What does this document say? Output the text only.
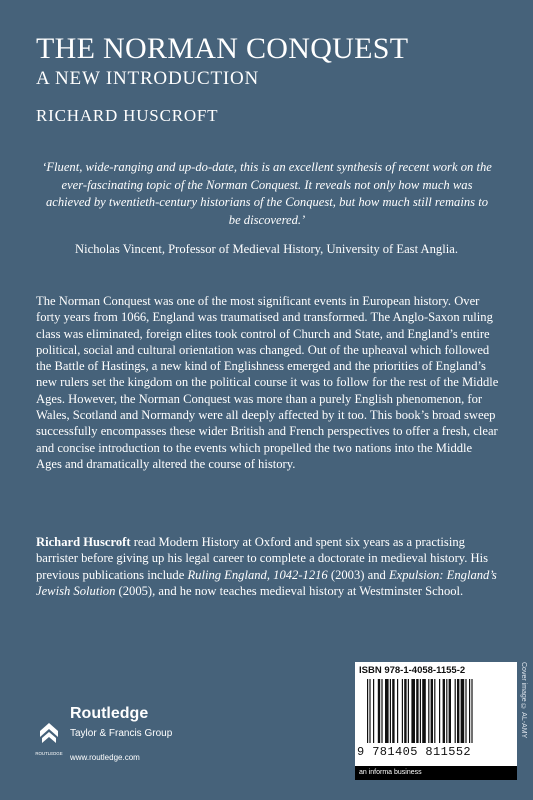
THE NORMAN CONQUEST
A NEW INTRODUCTION
RICHARD HUSCROFT
‘Fluent, wide-ranging and up-do-date, this is an excellent synthesis of recent work on the ever-fascinating topic of the Norman Conquest. It reveals not only how much was achieved by twentieth-century historians of the Conquest, but how much still remains to be discovered.’
Nicholas Vincent, Professor of Medieval History, University of East Anglia.
The Norman Conquest was one of the most significant events in European history. Over forty years from 1066, England was traumatised and transformed. The Anglo-Saxon ruling class was eliminated, foreign elites took control of Church and State, and England’s entire political, social and cultural orientation was changed. Out of the upheaval which followed the Battle of Hastings, a new kind of Englishness emerged and the priorities of England’s new rulers set the kingdom on the political course it was to follow for the rest of the Middle Ages. However, the Norman Conquest was more than a purely English phenomenon, for Wales, Scotland and Normandy were all deeply affected by it too. This book’s broad sweep successfully encompasses these wider British and French perspectives to offer a fresh, clear and concise introduction to the events which propelled the two nations into the Middle Ages and dramatically altered the course of history.
Richard Huscroft read Modern History at Oxford and spent six years as a practising barrister before giving up his legal career to complete a doctorate in medieval history. His previous publications include Ruling England, 1042-1216 (2003) and Expulsion: England’s Jewish Solution (2005), and he now teaches medieval history at Westminster School.
ROUTLEDGE
Routledge
Taylor & Francis Group
www.routledge.com
ISBN 978-1-4058-1155-2
9 781405 811552
an informa business
Cover image © AL-AMY
